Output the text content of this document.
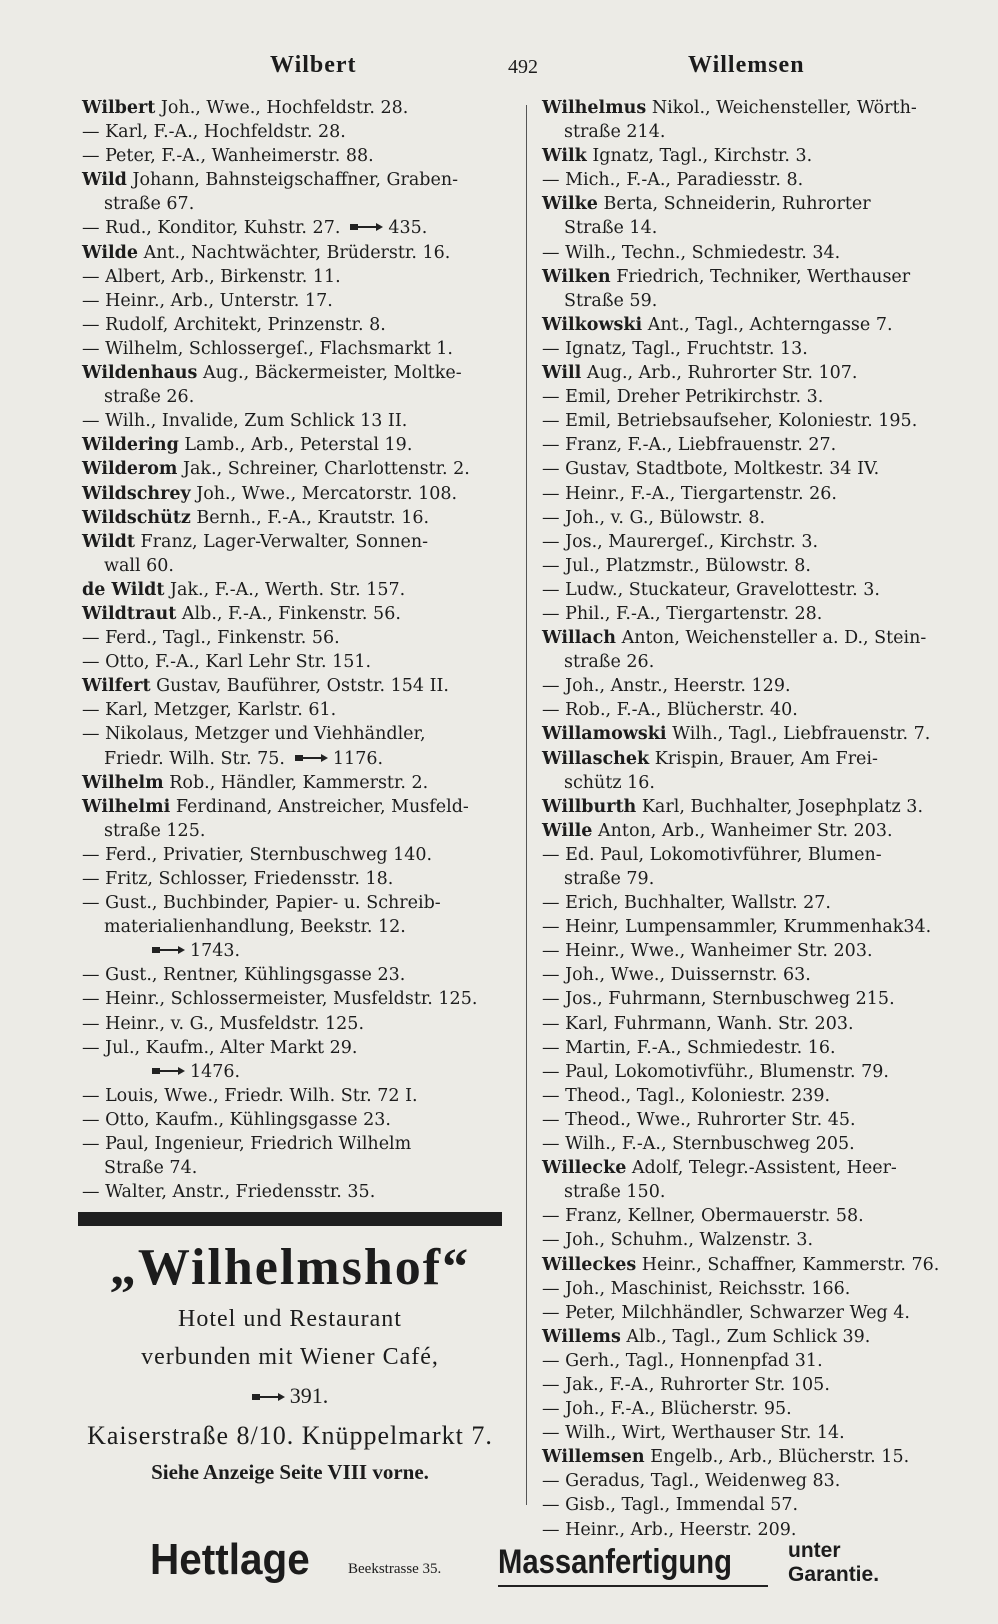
Wilbert	492	Willemsen
Wilbert Joh., Wwe., Hochfeldstr. 28.
— Karl, F.-A., Hochfeldstr. 28.
— Peter, F.-A., Wanheimerstr. 88.
Wild Johann, Bahnsteigschaffner, Graben-
straße 67.
— Rud., Konditor, Kuhstr. 27.	435.
Wilde Ant., Nachtwächter, Brüderstr. 16.
— Albert, Arb., Birkenstr. 11.
— Heinr., Arb., Unterstr. 17.
— Rudolf, Architekt, Prinzenstr. 8.
— Wilhelm, Schlossergeſ., Flachsmarkt 1.
Wildenhaus Aug., Bäckermeister, Moltke-
straße 26.
— Wilh., Invalide, Zum Schlick 13 II.
Wildering Lamb., Arb., Peterstal 19.
Wilderom Jak., Schreiner, Charlottenstr. 2.
Wildschrey Joh., Wwe., Mercatorstr. 108.
Wildschütz Bernh., F.-A., Krautstr. 16.
Wildt Franz, Lager-Verwalter, Sonnen-
wall 60.
de Wildt Jak., F.-A., Werth. Str. 157.
Wildtraut Alb., F.-A., Finkenstr. 56.
— Ferd., Tagl., Finkenstr. 56.
— Otto, F.-A., Karl Lehr Str. 151.
Wilfert Gustav, Bauführer, Oststr. 154 II.
— Karl, Metzger, Karlstr. 61.
— Nikolaus, Metzger und Viehhändler,
Friedr. Wilh. Str. 75.	1176.
Wilhelm Rob., Händler, Kammerstr. 2.
Wilhelmi Ferdinand, Anstreicher, Musfeld-
straße 125.
— Ferd., Privatier, Sternbuschweg 140.
— Fritz, Schlosser, Friedensstr. 18.
— Gust., Buchbinder, Papier- u. Schreib-
materialienhandlung, Beekstr. 12.
1743.
— Gust., Rentner, Kühlingsgasse 23.
— Heinr., Schlossermeister, Musfeldstr. 125.
— Heinr., v. G., Musfeldstr. 125.
— Jul., Kaufm., Alter Markt 29.
1476.
— Louis, Wwe., Friedr. Wilh. Str. 72 I.
— Otto, Kaufm., Kühlingsgasse 23.
— Paul, Ingenieur, Friedrich Wilhelm
Straße 74.
— Walter, Anstr., Friedensstr. 35.
Wilhelmus Nikol., Weichensteller, Wörth-
straße 214.
Wilk Ignatz, Tagl., Kirchstr. 3.
— Mich., F.-A., Paradiesstr. 8.
Wilke Berta, Schneiderin, Ruhrorter
Straße 14.
— Wilh., Techn., Schmiedestr. 34.
Wilken Friedrich, Techniker, Werthauser
Straße 59.
Wilkowski Ant., Tagl., Achterngasse 7.
— Ignatz, Tagl., Fruchtstr. 13.
Will Aug., Arb., Ruhrorter Str. 107.
— Emil, Dreher Petrikirchstr. 3.
— Emil, Betriebsaufseher, Koloniestr. 195.
— Franz, F.-A., Liebfrauenstr. 27.
— Gustav, Stadtbote, Moltkestr. 34 IV.
— Heinr., F.-A., Tiergartenstr. 26.
— Joh., v. G., Bülowstr. 8.
— Jos., Maurergeſ., Kirchstr. 3.
— Jul., Platzmstr., Bülowstr. 8.
— Ludw., Stuckateur, Gravelottestr. 3.
— Phil., F.-A., Tiergartenstr. 28.
Willach Anton, Weichensteller a. D., Stein-
straße 26.
— Joh., Anstr., Heerstr. 129.
— Rob., F.-A., Blücherstr. 40.
Willamowski Wilh., Tagl., Liebfrauenstr. 7.
Willaschek Krispin, Brauer, Am Frei-
schütz 16.
Willburth Karl, Buchhalter, Josephplatz 3.
Wille Anton, Arb., Wanheimer Str. 203.
— Ed. Paul, Lokomotivführer, Blumen-
straße 79.
— Erich, Buchhalter, Wallstr. 27.
— Heinr, Lumpensammler, Krummenhak34.
— Heinr., Wwe., Wanheimer Str. 203.
— Joh., Wwe., Duissernstr. 63.
— Jos., Fuhrmann, Sternbuschweg 215.
— Karl, Fuhrmann, Wanh. Str. 203.
— Martin, F.-A., Schmiedestr. 16.
— Paul, Lokomotivführ., Blumenstr. 79.
— Theod., Tagl., Koloniestr. 239.
— Theod., Wwe., Ruhrorter Str. 45.
— Wilh., F.-A., Sternbuschweg 205.
Willecke Adolf, Telegr.-Assistent, Heer-
straße 150.
— Franz, Kellner, Obermauerstr. 58.
— Joh., Schuhm., Walzenstr. 3.
Willeckes Heinr., Schaffner, Kammerstr. 76.
— Joh., Maschinist, Reichsstr. 166.
— Peter, Milchhändler, Schwarzer Weg 4.
Willems Alb., Tagl., Zum Schlick 39.
— Gerh., Tagl., Honnenpfad 31.
— Jak., F.-A., Ruhrorter Str. 105.
— Joh., F.-A., Blücherstr. 95.
— Wilh., Wirt, Werthauser Str. 14.
Willemsen Engelb., Arb., Blücherstr. 15.
— Geradus, Tagl., Weidenweg 83.
— Gisb., Tagl., Immendal 57.
— Heinr., Arb., Heerstr. 209.
„Wilhelmshof“
Hotel und Restaurant
verbunden mit Wiener Café,
391.
Kaiserstraße 8/10. Knüppelmarkt 7.
Siehe Anzeige Seite VIII vorne.
Hettlage	Beekstrasse 35. Massanfertigung	unter
Garantie.
